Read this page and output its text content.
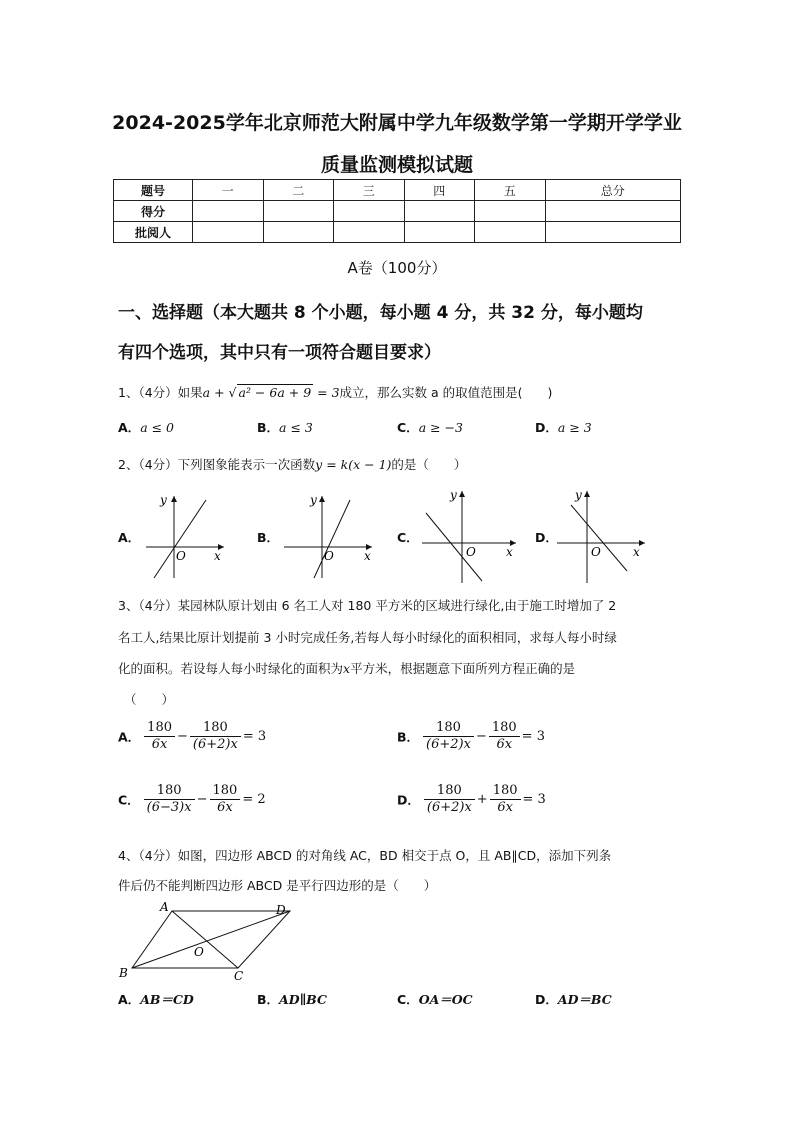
2024-2025学年北京师范大附属中学九年级数学第一学期开学学业
质量监测模拟试题
题号	一	二	三	四	五	总分
得分						
批阅人						
A卷（100分）
一、选择题（本大题共 8 个小题，每小题 4 分，共 32 分，每小题均
有四个选项，其中只有一项符合题目要求）
1、（4分）如果a + √ a² − 6a + 9 = 3成立，那么实数 a 的取值范围是(　　)
A．a ≤ 0	B．a ≤ 3	C．a ≥ −3	D．a ≥ 3
2、（4分）下列图象能表示一次函数y = k(x − 1)的是（　　）
A．	B．	C．	D．
x
y
O	x
y
O	x
y
O	x
y
O
3、（4分）某园林队原计划由 6 名工人对 180 平方米的区域进行绿化,由于施工时增加了 2
名工人,结果比原计划提前 3 小时完成任务,若每人每小时绿化的面积相同，求每人每小时绿
化的面积。若设每人每小时绿化的面积为x平方米，根据题意下面所列方程正确的是
（　　）
A． $\frac{180}{6x} - \frac{180}{(6+2)x} = 3$	B． $\frac{180}{(6+2)x} - \frac{180}{6x} = 3$
C． $\frac{180}{(6-3)x} - \frac{180}{6x} = 2$	D． $\frac{180}{(6+2)x} + \frac{180}{6x} = 3$
4、（4分）如图，四边形 ABCD 的对角线 AC，BD 相交于点 O，且 AB∥CD，添加下列条
件后仍不能判断四边形 ABCD 是平行四边形的是（　　）
A	D
B	C
O
A．AB＝CD	B．AD∥BC	C．OA＝OC	D．AD＝BC
